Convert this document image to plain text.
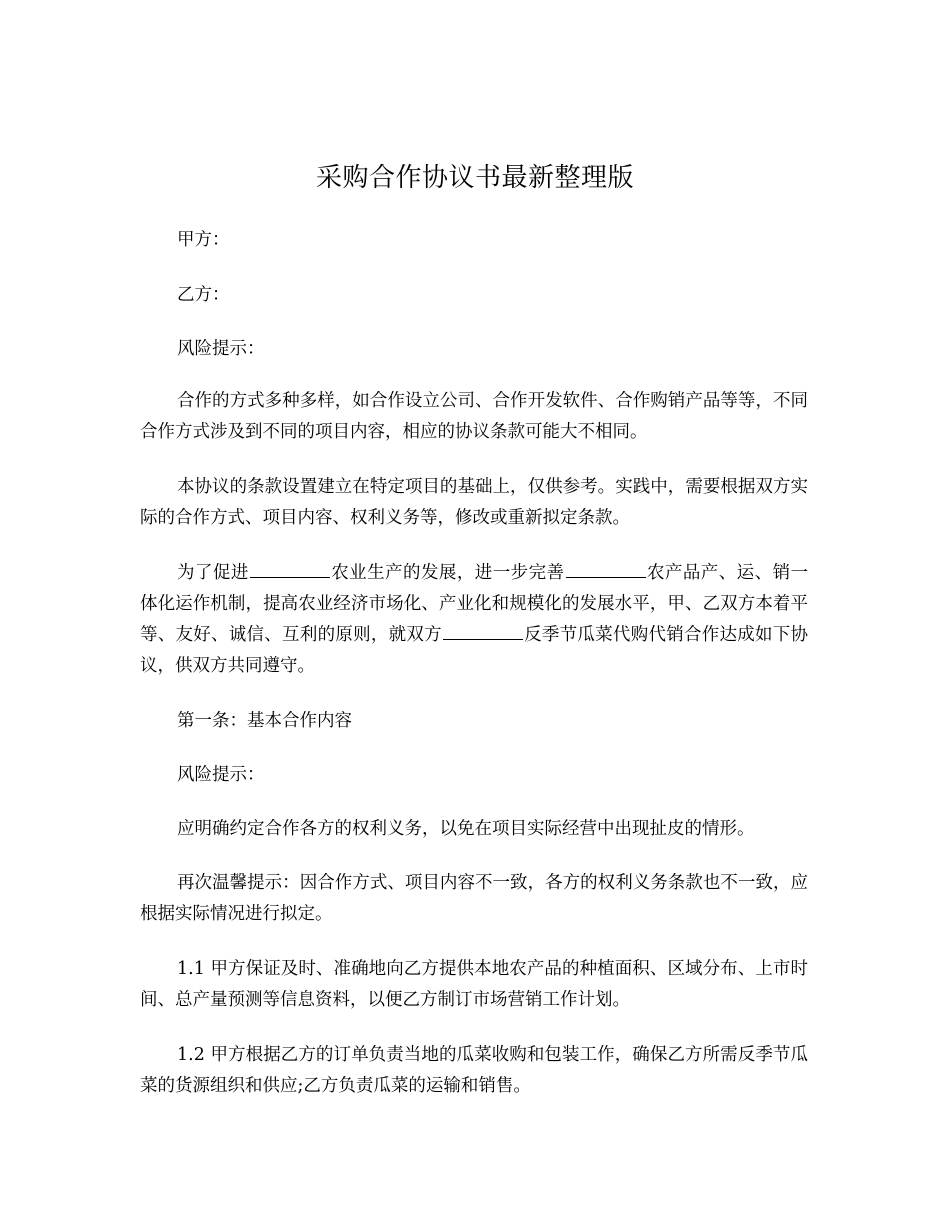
采购合作协议书最新整理版
甲方：
乙方：
风险提示：
合作的方式多种多样，如合作设立公司、合作开发软件、合作购销产品等等，不同合作方式涉及到不同的项目内容，相应的协议条款可能大不相同。
本协议的条款设置建立在特定项目的基础上，仅供参考。实践中，需要根据双方实际的合作方式、项目内容、权利义务等，修改或重新拟定条款。
为了促进	农业生产的发展，进一步完善	农产品产、运、销一体化运作机制，提高农业经济市场化、产业化和规模化的发展水平，甲、乙双方本着平等、友好、诚信、互利的原则，就双方	反季节瓜菜代购代销合作达成如下协议，供双方共同遵守。
第一条：基本合作内容
风险提示：
应明确约定合作各方的权利义务，以免在项目实际经营中出现扯皮的情形。
再次温馨提示：因合作方式、项目内容不一致，各方的权利义务条款也不一致，应根据实际情况进行拟定。
1.1 甲方保证及时、准确地向乙方提供本地农产品的种植面积、区域分布、上市时间、总产量预测等信息资料，以便乙方制订市场营销工作计划。
1.2 甲方根据乙方的订单负责当地的瓜菜收购和包装工作，确保乙方所需反季节瓜菜的货源组织和供应;乙方负责瓜菜的运输和销售。
